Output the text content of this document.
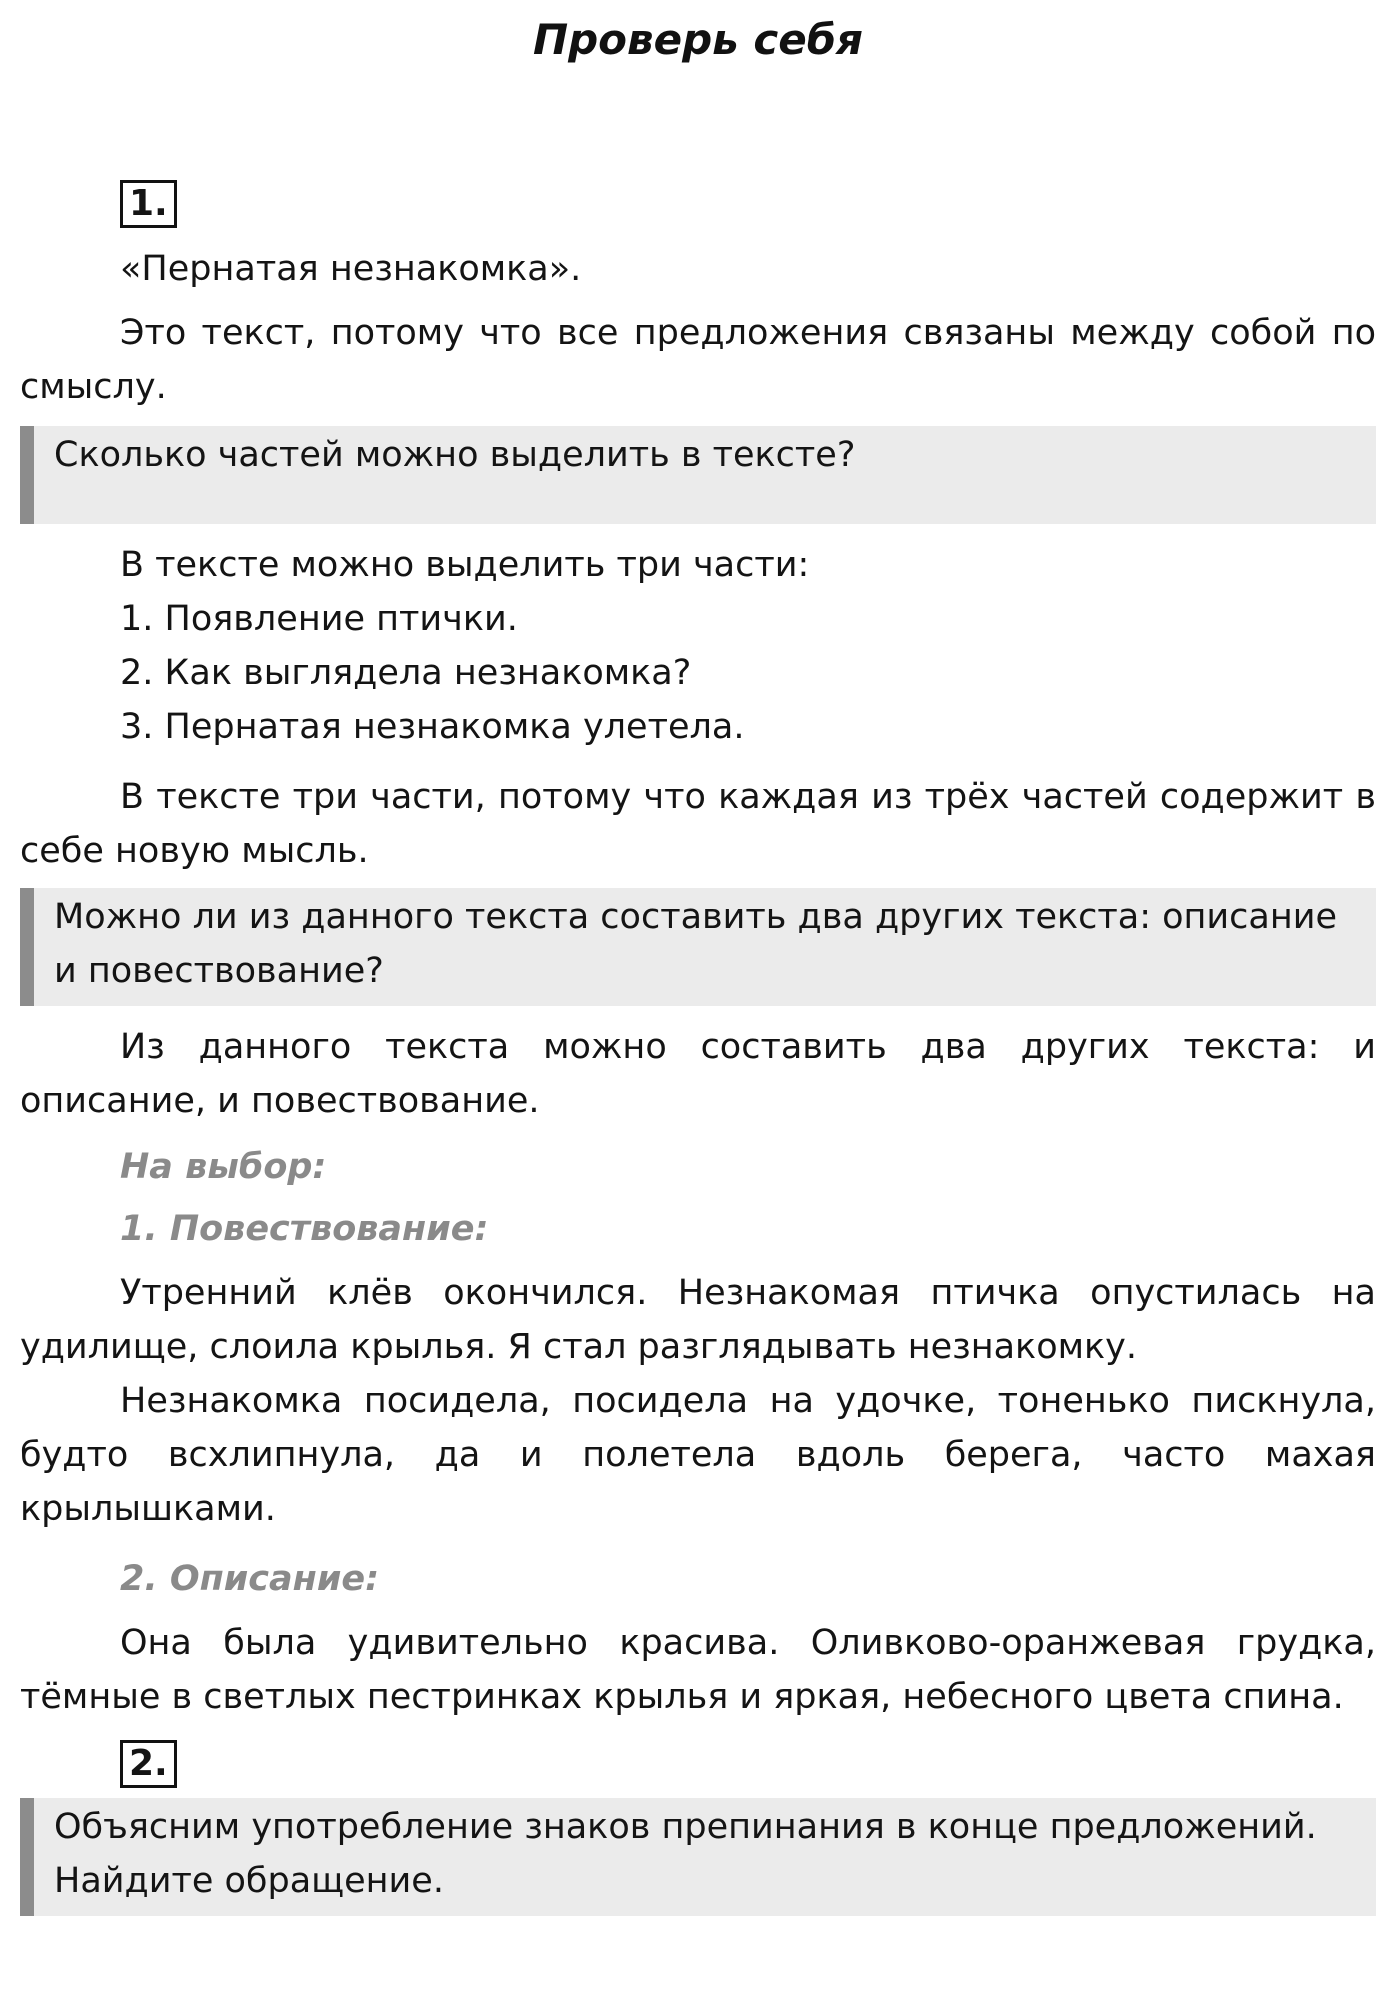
Проверь себя
1.

«Пернатая незнакомка».

Это текст, потому что все предложения связаны между собой по смыслу.

Сколько частей можно выделить в тексте?

В тексте можно выделить три части:

1. Появление птички.

2. Как выглядела незнакомка?

3. Пернатая незнакомка улетела.

В тексте три части, потому что каждая из трёх частей содержит в себе новую мысль.

Можно ли из данного текста составить два других текста: описание и повествование?

Из данного текста можно составить два других текста: и описание, и повествование.

На выбор:

1. Повествование:

Утренний клёв окончился. Незнакомая птичка опустилась на удилище, слоила крылья. Я стал разглядывать незнакомку.

Незнакомка посидела, посидела на удочке, тоненько пискнула, будто всхлипнула, да и полетела вдоль берега, часто махая крылышками.

2. Описание:

Она была удивительно красива. Оливково-оранжевая грудка, тёмные в светлых пестринках крылья и яркая, небесного цвета спина.

2.
Объясним употребление знаков препинания в конце предложений. Найдите обращение.
